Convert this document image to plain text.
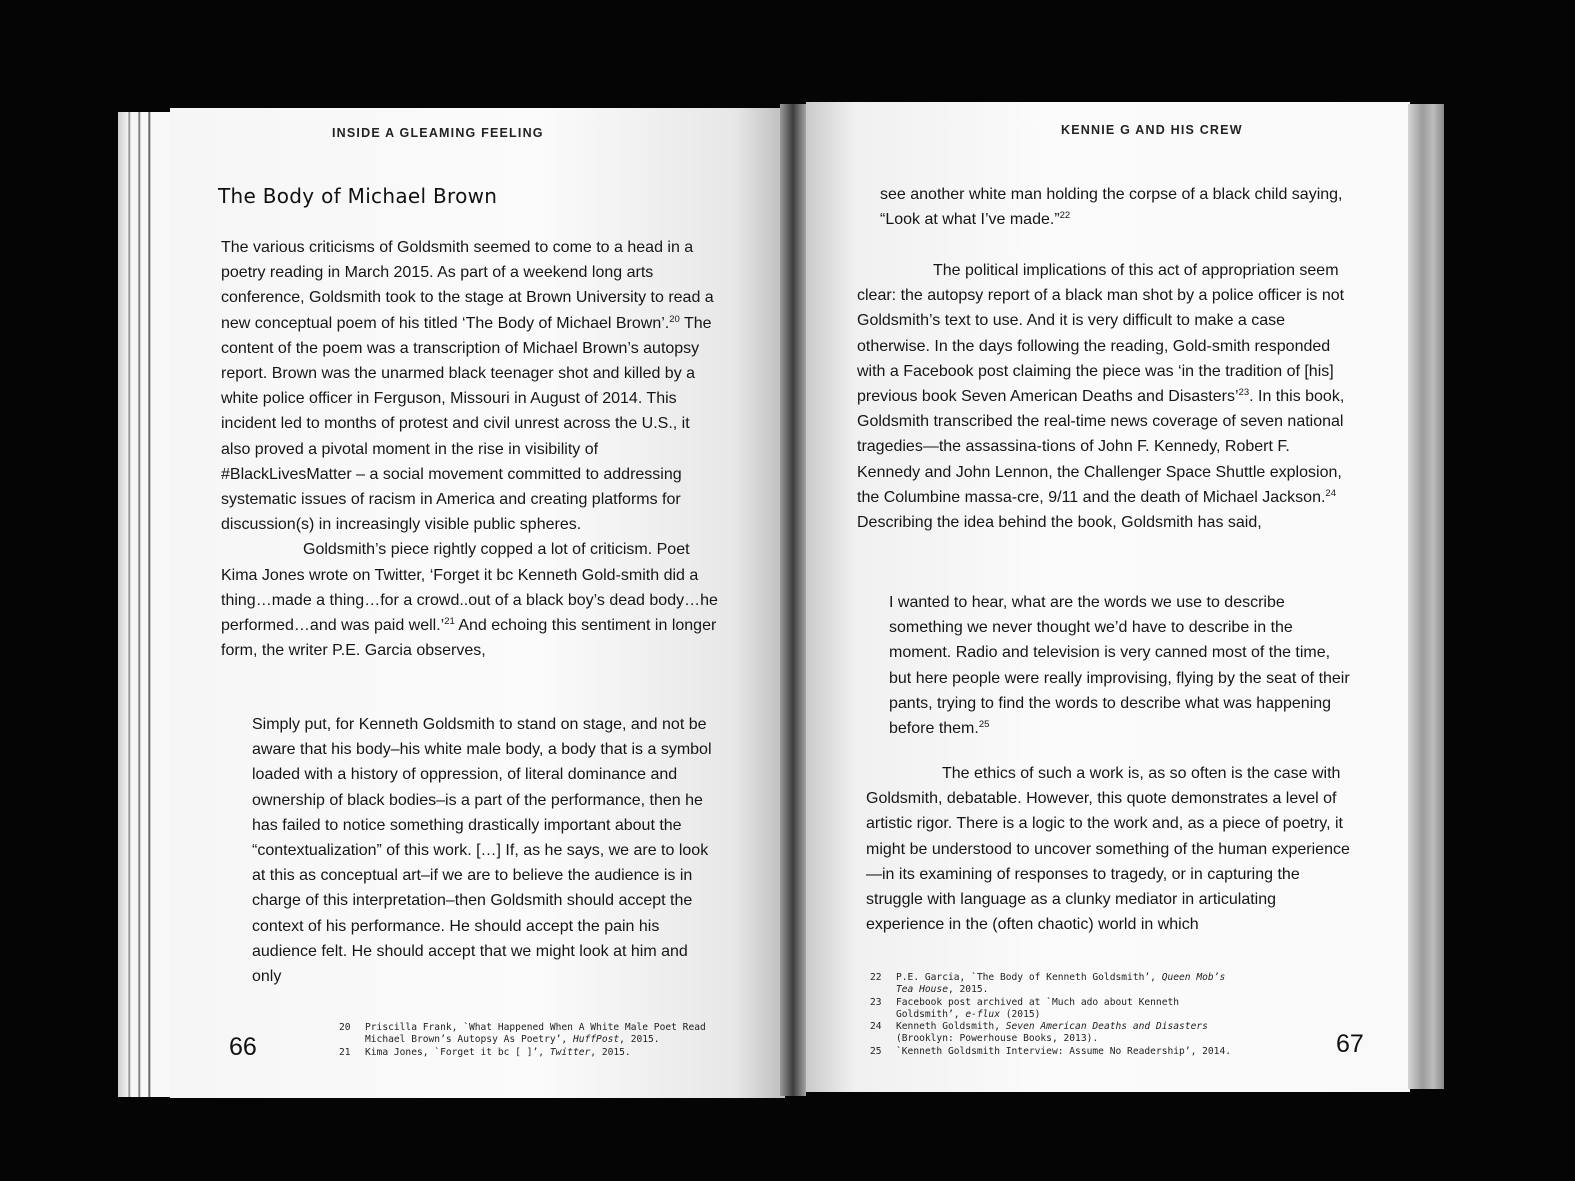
INSIDE A GLEAMING FEELING
The Body of Michael Brown

The various criticisms of Goldsmith seemed to come to a head in a poetry reading in March 2015. As part of a weekend long arts conference, Goldsmith took to the stage at Brown University to read a new conceptual poem of his titled ‘The Body of Michael Brown’.$^{20}$ The content of the poem was a transcription of Michael Brown’s autopsy report. Brown was the unarmed black teenager shot and killed by a white police officer in Ferguson, Missouri in August of 2014. This incident led to months of protest and civil unrest across the U.S., it also proved a pivotal moment in the rise in visibility of #BlackLivesMatter – a social movement committed to addressing systematic issues of racism in America and creating platforms for discussion(s) in increasingly visible public spheres.

Goldsmith’s piece rightly copped a lot of criticism. Poet Kima Jones wrote on Twitter, ‘Forget it bc Kenneth Gold-smith did a thing…made a thing…for a crowd..out of a black boy’s dead body…he performed…and was paid well.’$^{21}$ And echoing this sentiment in longer form, the writer P.E. Garcia observes,

Simply put, for Kenneth Goldsmith to stand on stage, and not be aware that his body–his white male body, a body that is a symbol loaded with a history of oppression, of literal dominance and ownership of black bodies–is a part of the performance, then he has failed to notice something drastically important about the “contextualization” of this work. […] If, as he says, we are to look at this as conceptual art–if we are to believe the audience is in charge of this interpretation–then Goldsmith should accept the context of his performance. He should accept the pain his audience felt. He should accept that we might look at him and only
20	Priscilla Frank, `What Happened When A White Male Poet Read Michael Brown’s Autopsy As Poetry’, HuffPost, 2015.
21	Kima Jones, `Forget it bc [ ]’, Twitter, 2015.
66
KENNIE G AND HIS CREW
see another white man holding the corpse of a black child saying, “Look at what I’ve made.”$^{22}$
The political implications of this act of appropriation seem clear: the autopsy report of a black man shot by a police officer is not Goldsmith’s text to use. And it is very difficult to make a case otherwise. In the days following the reading, Gold-smith responded with a Facebook post claiming the piece was ‘in the tradition of [his] previous book Seven American Deaths and Disasters’$^{23}$. In this book, Goldsmith transcribed the real-time news coverage of seven national tragedies—the assassina-tions of John F. Kennedy, Robert F. Kennedy and John Lennon, the Challenger Space Shuttle explosion, the Columbine massa-cre, 9/11 and the death of Michael Jackson.$^{24}$ Describing the idea behind the book, Goldsmith has said,
I wanted to hear, what are the words we use to describe something we never thought we’d have to describe in the moment. Radio and television is very canned most of the time, but here people were really improvising, flying by the seat of their pants, trying to find the words to describe what was happening before them.$^{25}$
The ethics of such a work is, as so often is the case with Goldsmith, debatable. However, this quote demonstrates a level of artistic rigor. There is a logic to the work and, as a piece of poetry, it might be understood to uncover something of the human experience—in its examining of responses to tragedy, or in capturing the struggle with language as a clunky mediator in articulating experience in the (often chaotic) world in which
22	P.E. Garcia, `The Body of Kenneth Goldsmith’, Queen Mob’s Tea House, 2015.
23	Facebook post archived at `Much ado about Kenneth Goldsmith’, e-flux (2015)
24	Kenneth Goldsmith, Seven American Deaths and Disasters (Brooklyn: Powerhouse Books, 2013).
25	`Kenneth Goldsmith Interview: Assume No Readership’, 2014.	67
